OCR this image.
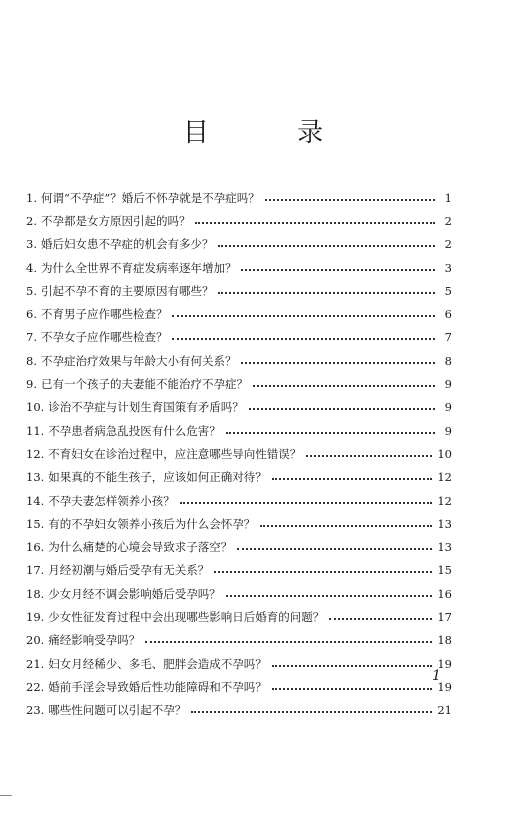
目 录
1. 何谓“不孕症”？婚后不怀孕就是不孕症吗？	1
2. 不孕都是女方原因引起的吗？	2
3. 婚后妇女患不孕症的机会有多少？	2
4. 为什么全世界不育症发病率逐年增加？	3
5. 引起不孕不育的主要原因有哪些？	5
6. 不育男子应作哪些检查？	6
7. 不孕女子应作哪些检查？	7
8. 不孕症治疗效果与年龄大小有何关系？	8
9. 已有一个孩子的夫妻能不能治疗不孕症？	9
10. 诊治不孕症与计划生育国策有矛盾吗？	9
11. 不孕患者病急乱投医有什么危害？	9
12. 不育妇女在诊治过程中，应注意哪些导向性错误？	10
13. 如果真的不能生孩子，应该如何正确对待？	12
14. 不孕夫妻怎样领养小孩？	12
15. 有的不孕妇女领养小孩后为什么会怀孕？	13
16. 为什么痛楚的心境会导致求子落空？	13
17. 月经初潮与婚后受孕有无关系？	15
18. 少女月经不调会影响婚后受孕吗？	16
19. 少女性征发育过程中会出现哪些影响日后婚育的问题？	17
20. 痛经影响受孕吗？	18
21. 妇女月经稀少、多毛、肥胖会造成不孕吗？	19
22. 婚前手淫会导致婚后性功能障碍和不孕吗？	19
23. 哪些性问题可以引起不孕？	21
1
